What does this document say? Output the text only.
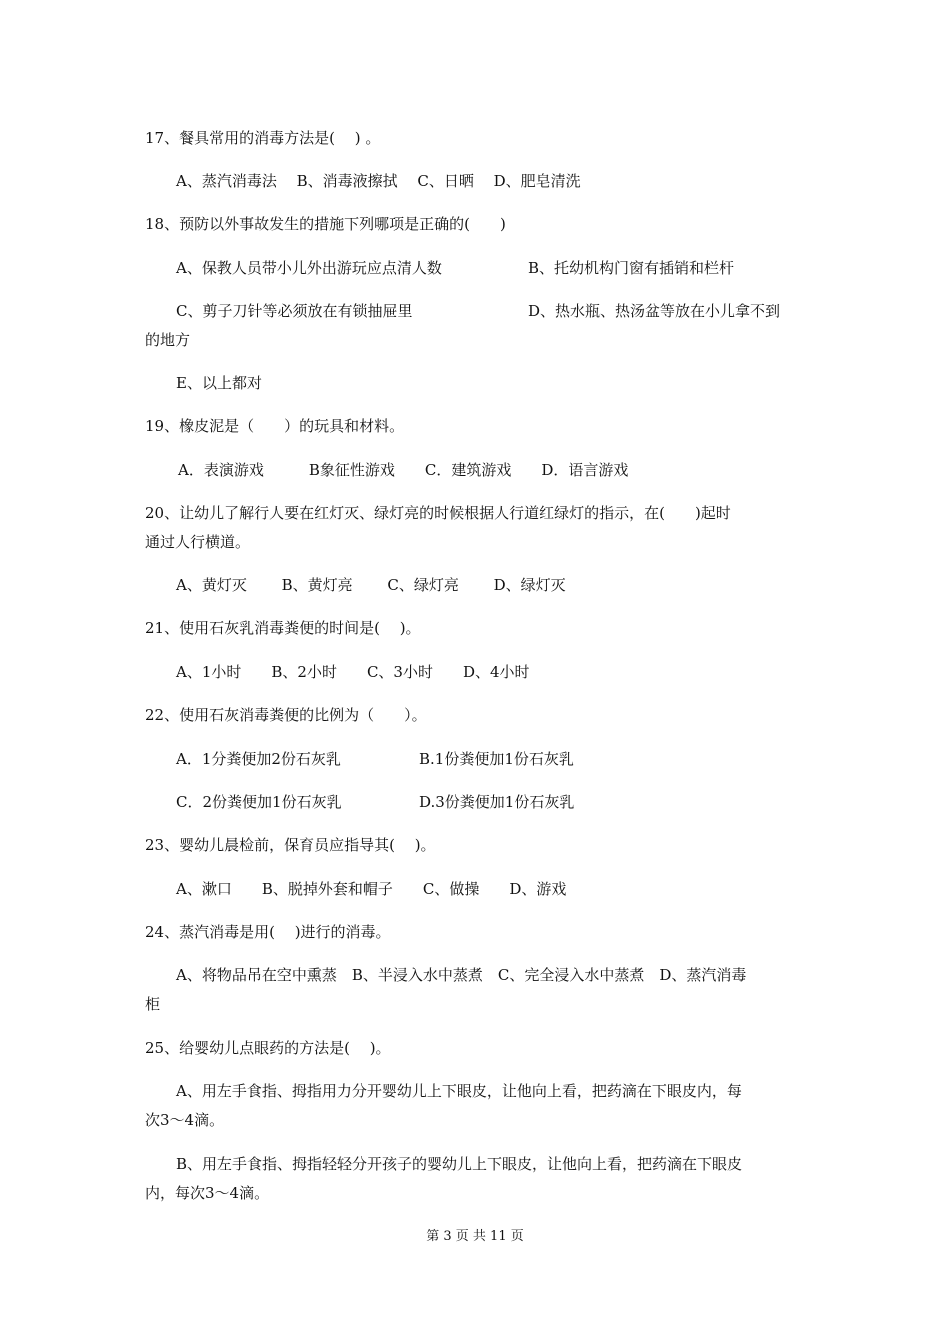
17、餐具常用的消毒方法是(　 ) 。
A、蒸汽消毒法　 B、消毒液擦拭　 C、日晒　 D、肥皂清洗
18、预防以外事故发生的措施下列哪项是正确的(　　)
A、保教人员带小儿外出游玩应点清人数	B、托幼机构门窗有插销和栏杆
C、剪子刀针等必须放在有锁抽屉里	D、热水瓶、热汤盆等放在小儿拿不到
的地方
E、以上都对
19、橡皮泥是（　　）的玩具和材料。
A．表演游戏　　　B象征性游戏　　C．建筑游戏　　D．语言游戏
20、让幼儿了解行人要在红灯灭、绿灯亮的时候根据人行道红绿灯的指示，在(　　)起时
通过人行横道。
A、黄灯灭　　 B、黄灯亮　　 C、绿灯亮　　 D、绿灯灭
21、使用石灰乳消毒粪便的时间是(　 )。
A、1小时　　B、2小时　　C、3小时　　D、4小时
22、使用石灰消毒粪便的比例为（　　）。
A．1分粪便加2份石灰乳	B.1份粪便加1份石灰乳
C．2份粪便加1份石灰乳	D.3份粪便加1份石灰乳
23、婴幼儿晨检前，保育员应指导其(　 )。
A、漱口　　B、脱掉外套和帽子　　C、做操　　D、游戏
24、蒸汽消毒是用(　 )进行的消毒。
A、将物品吊在空中熏蒸　B、半浸入水中蒸煮　C、完全浸入水中蒸煮　D、蒸汽消毒
柜
25、给婴幼儿点眼药的方法是(　 )。
A、用左手食指、拇指用力分开婴幼儿上下眼皮，让他向上看，把药滴在下眼皮内，每
次3～4滴。
B、用左手食指、拇指轻轻分开孩子的婴幼儿上下眼皮，让他向上看，把药滴在下眼皮
内，每次3～4滴。
第 3 页 共 11 页
